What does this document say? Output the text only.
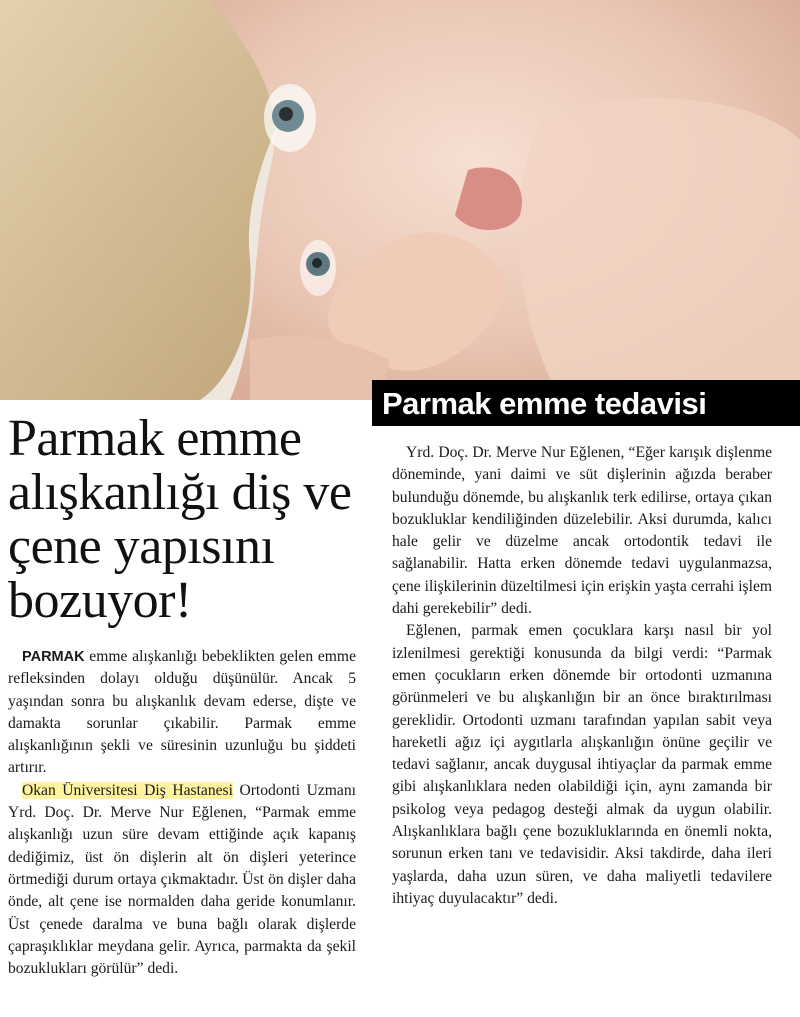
Parmak emme tedavisi
Parmak emme alışkanlığı diş ve çene yapısını bozuyor!

PARMAK emme alışkanlığı bebeklikten gelen emme refleksinden dolayı olduğu düşünülür. Ancak 5 yaşından sonra bu alışkanlık devam ederse, dişte ve damakta sorunlar çıkabilir. Parmak emme alışkanlığının şekli ve süresinin uzunluğu bu şiddeti artırır.

Okan Üniversitesi Diş Hastanesi Ortodonti Uzmanı Yrd. Doç. Dr. Merve Nur Eğlenen, “Parmak emme alışkanlığı uzun süre devam ettiğinde açık kapanış dediğimiz, üst ön dişlerin alt ön dişleri yeterince örtmediği durum ortaya çıkmaktadır. Üst ön dişler daha önde, alt çene ise normalden daha geride konumlanır. Üst çenede daralma ve buna bağlı olarak dişlerde çapraşıklıklar meydana gelir. Ayrıca, parmakta da şekil bozuklukları görülür” dedi.

Yrd. Doç. Dr. Merve Nur Eğlenen, “Eğer karışık dişlenme döneminde, yani daimi ve süt dişlerinin ağızda beraber bulunduğu dönemde, bu alışkanlık terk edilirse, ortaya çıkan bozukluklar kendiliğinden düzelebilir. Aksi durumda, kalıcı hale gelir ve düzelme ancak ortodontik tedavi ile sağlanabilir. Hatta erken dönemde tedavi uygulanmazsa, çene ilişkilerinin düzeltilmesi için erişkin yaşta cerrahi işlem dahi gerekebilir” dedi.

Eğlenen, parmak emen çocuklara karşı nasıl bir yol izlenilmesi gerektiği konusunda da bilgi verdi: “Parmak emen çocukların erken dönemde bir ortodonti uzmanına görünmeleri ve bu alışkanlığın bir an önce bıraktırılması gereklidir. Ortodonti uzmanı tarafından yapılan sabit veya hareketli ağız içi aygıtlarla alışkanlığın önüne geçilir ve tedavi sağlanır, ancak duygusal ihtiyaçlar da parmak emme gibi alışkanlıklara neden olabildiği için, aynı zamanda bir psikolog veya pedagog desteği almak da uygun olabilir. Alışkanlıklara bağlı çene bozukluklarında en önemli nokta, sorunun erken tanı ve tedavisidir. Aksi takdirde, daha ileri yaşlarda, daha uzun süren, ve daha maliyetli tedavilere ihtiyaç duyulacaktır” dedi.
